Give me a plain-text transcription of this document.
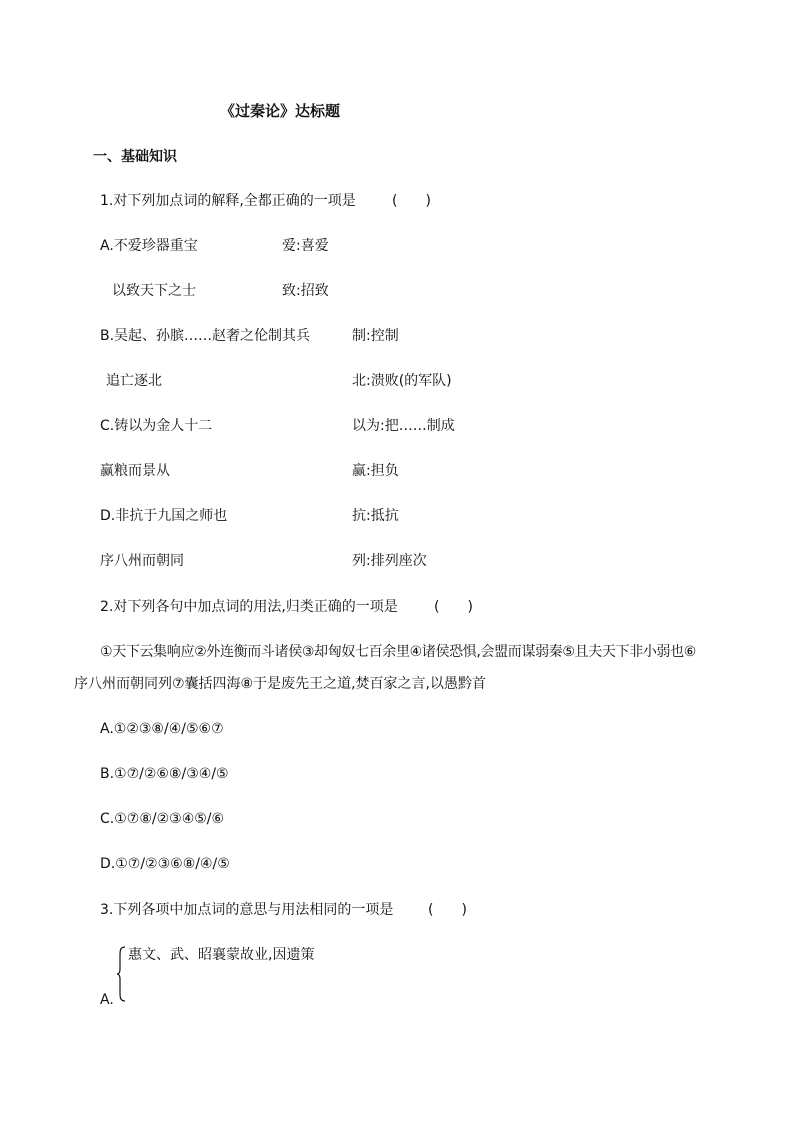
《过秦论》达标题
一、基础知识
1.对下列加点词的解释,全都正确的一项是	(　　)
A.不爱珍器重宝	爱:喜爱
以致天下之士	致:招致
B.吴起、孙膑……赵奢之伦制其兵	制:控制
追亡逐北	北:溃败(的军队)
C.铸以为金人十二	以为:把……制成
赢粮而景从	赢:担负
D.非抗于九国之师也	抗:抵抗
序八州而朝同	列:排列座次
2.对下列各句中加点词的用法,归类正确的一项是	(　　)
①天下云集响应②外连衡而斗诸侯③却匈奴七百余里④诸侯恐惧,会盟而谋弱秦⑤且夫天下非小弱也⑥
序八州而朝同列⑦囊括四海⑧于是废先王之道,焚百家之言,以愚黔首
A.①②③⑧/④/⑤⑥⑦
B.①⑦/②⑥⑧/③④/⑤
C.①⑦⑧/②③④⑤/⑥
D.①⑦/②③⑥⑧/④/⑤
3.下列各项中加点词的意思与用法相同的一项是 (　　)
惠文、武、昭襄蒙故业,因遗策
A.
